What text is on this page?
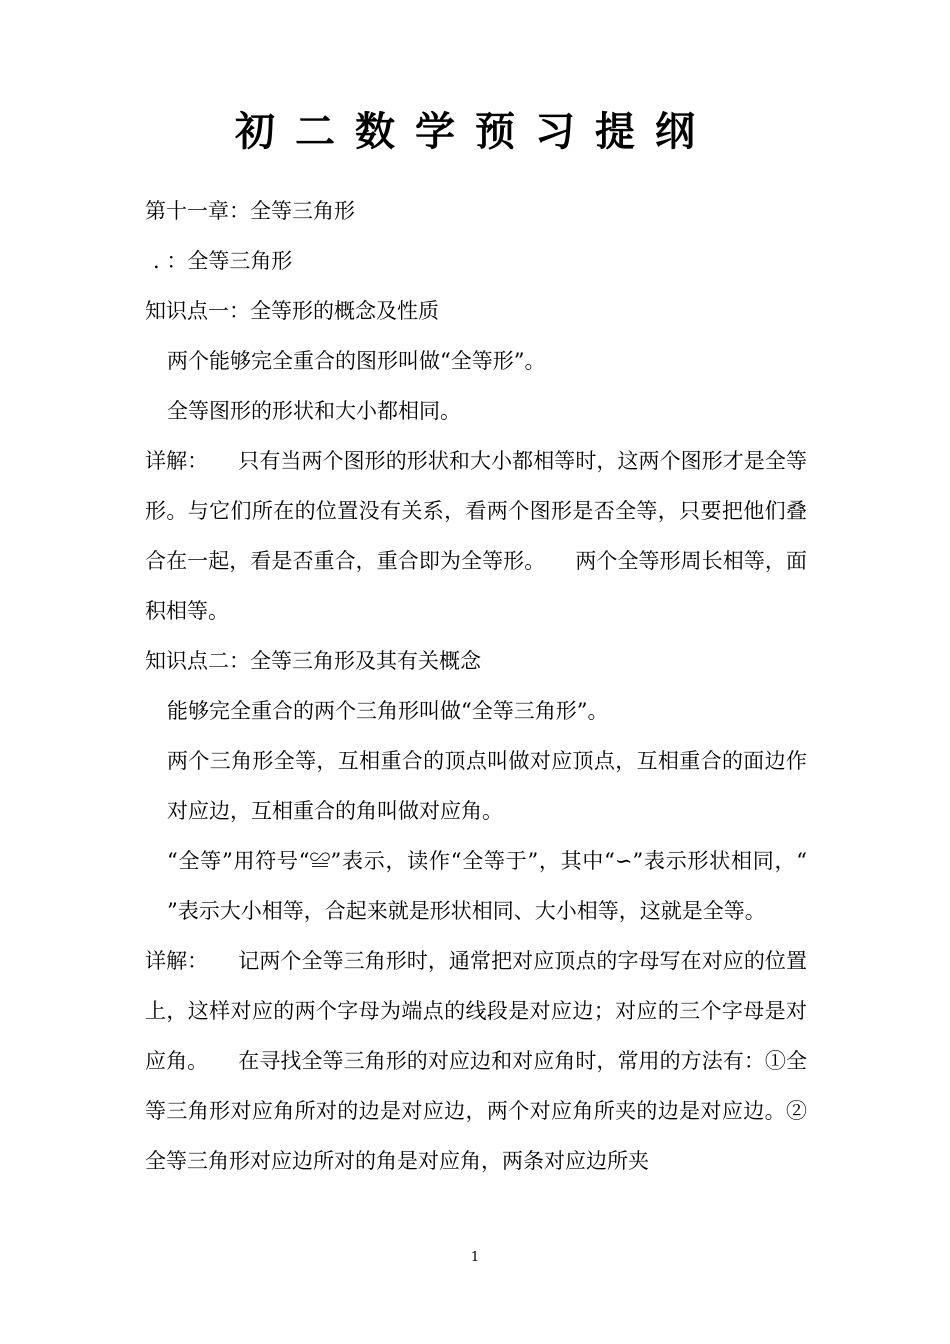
初二数学预习提纲

第十一章：全等三角形

. ：全等三角形

知识点一：全等形的概念及性质

两个能够完全重合的图形叫做“全等形”。

全等图形的形状和大小都相同。

详解： 只有当两个图形的形状和大小都相等时，这两个图形才是全等形。与它们所在的位置没有关系，看两个图形是否全等，只要把他们叠合在一起，看是否重合，重合即为全等形。 两个全等形周长相等，面积相等。

知识点二：全等三角形及其有关概念

能够完全重合的两个三角形叫做“全等三角形”。

两个三角形全等，互相重合的顶点叫做对应顶点，互相重合的面边作对应边，互相重合的角叫做对应角。

“全等”用符号“≌”表示，读作“全等于”，其中“∽”表示形状相同，“ ”表示大小相等，合起来就是形状相同、大小相等，这就是全等。

详解： 记两个全等三角形时，通常把对应顶点的字母写在对应的位置上，这样对应的两个字母为端点的线段是对应边；对应的三个字母是对应角。 在寻找全等三角形的对应边和对应角时，常用的方法有：①全等三角形对应角所对的边是对应边，两个对应角所夹的边是对应边。②全等三角形对应边所对的角是对应角，两条对应边所夹

1
